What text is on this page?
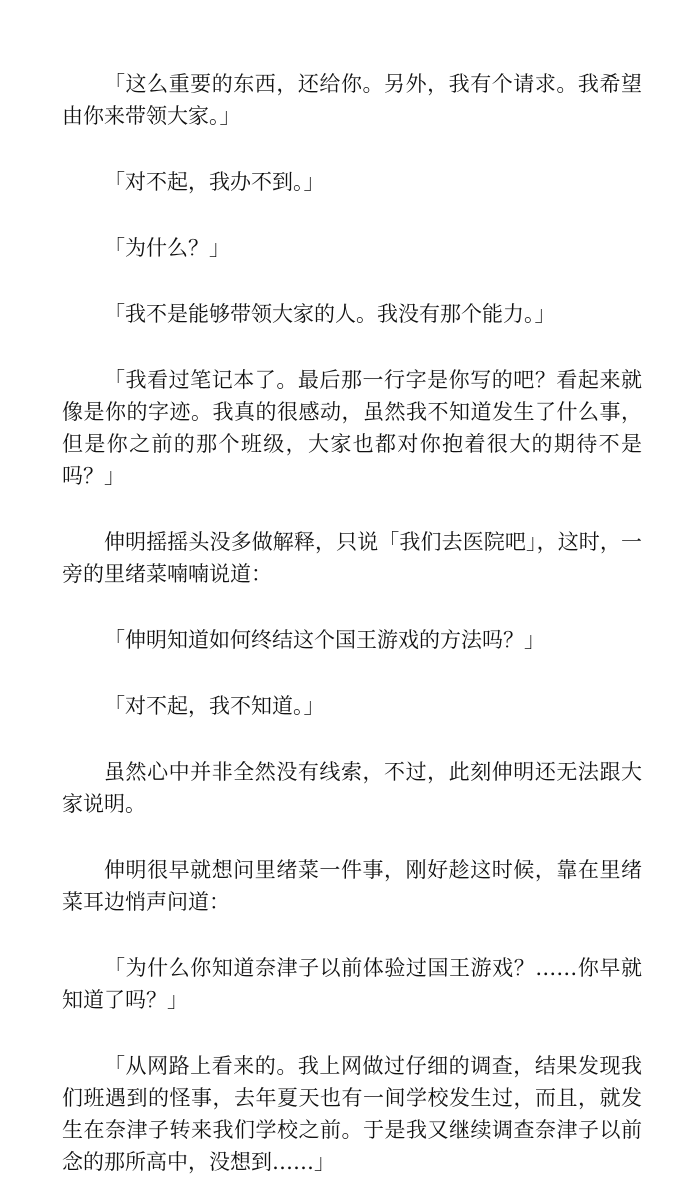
「这么重要的东西，还给你。另外，我有个请求。我希望由你来带领大家。」

「对不起，我办不到。」

「为什么？」

「我不是能够带领大家的人。我没有那个能力。」

「我看过笔记本了。最后那一行字是你写的吧？看起来就像是你的字迹。我真的很感动，虽然我不知道发生了什么事，但是你之前的那个班级，大家也都对你抱着很大的期待不是吗？」

伸明摇摇头没多做解释，只说「我们去医院吧」，这时，一旁的里绪菜喃喃说道：

「伸明知道如何终结这个国王游戏的方法吗？」

「对不起，我不知道。」

虽然心中并非全然没有线索，不过，此刻伸明还无法跟大家说明。

伸明很早就想问里绪菜一件事，刚好趁这时候，靠在里绪菜耳边悄声问道：

「为什么你知道奈津子以前体验过国王游戏？……你早就知道了吗？」

「从网路上看来的。我上网做过仔细的调查，结果发现我们班遇到的怪事，去年夏天也有一间学校发生过，而且，就发生在奈津子转来我们学校之前。于是我又继续调查奈津子以前念的那所高中，没想到……」
